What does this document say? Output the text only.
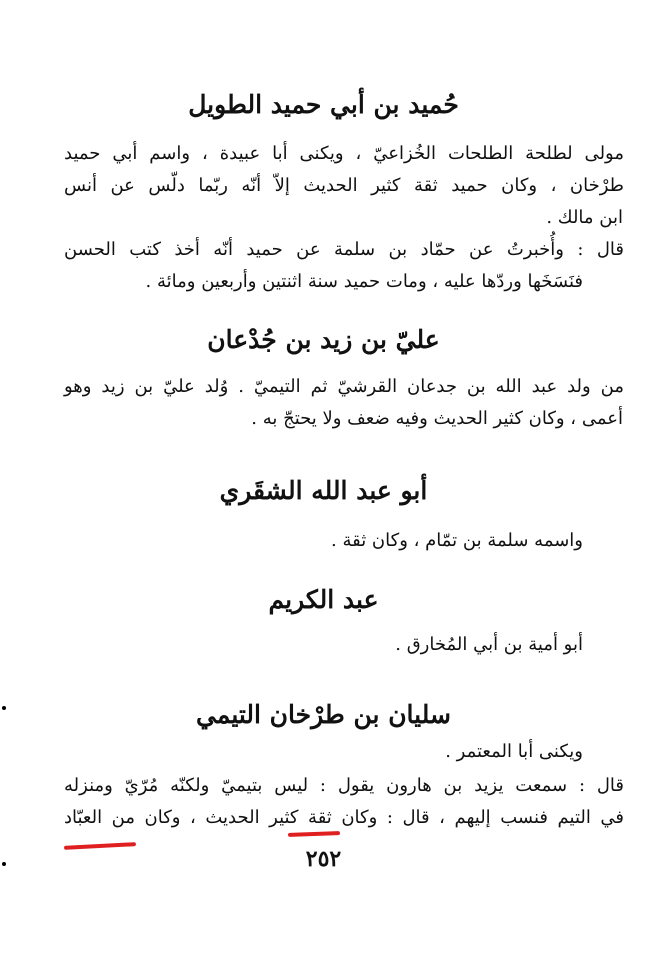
حُميد بن أبي حميد الطويل
مولى لطلحة الطلحات الخُزاعيّ ، ويكنى أبا عبيدة ، واسم أبي حميد
طرْخان ، وكان حميد ثقة كثير الحديث إلاّ أنّه ربّما دلّس عن أنس
ابن مالك .
قال : وأُخبرتُ عن حمّاد بن سلمة عن حميد أنّه أخذ كتب الحسن
فنَسَخَها وردّها عليه ، ومات حميد سنة اثنتين وأربعين ومائة .
عليّ بن زيد بن جُدْعان
من ولد عبد الله بن جدعان القرشيّ ثم التيميّ . وُلد عليّ بن زيد وهو
أعمى ، وكان كثير الحديث وفيه ضعف ولا يحتجّ به .
أبو عبد الله الشقَري
واسمه سلمة بن تمّام ، وكان ثقة .
عبد الكريم
أبو أمية بن أبي المُخارق .
سليان بن طرْخان التيمي
ويكنى أبا المعتمر .
قال : سمعت يزيد بن هارون يقول : ليس بتيميّ ولكنّه مُرّيّ ومنزله
في التيم فنسب إليهم ، قال : وكان ثقة كثير الحديث ، وكان من العبّاد
٢٥٢
